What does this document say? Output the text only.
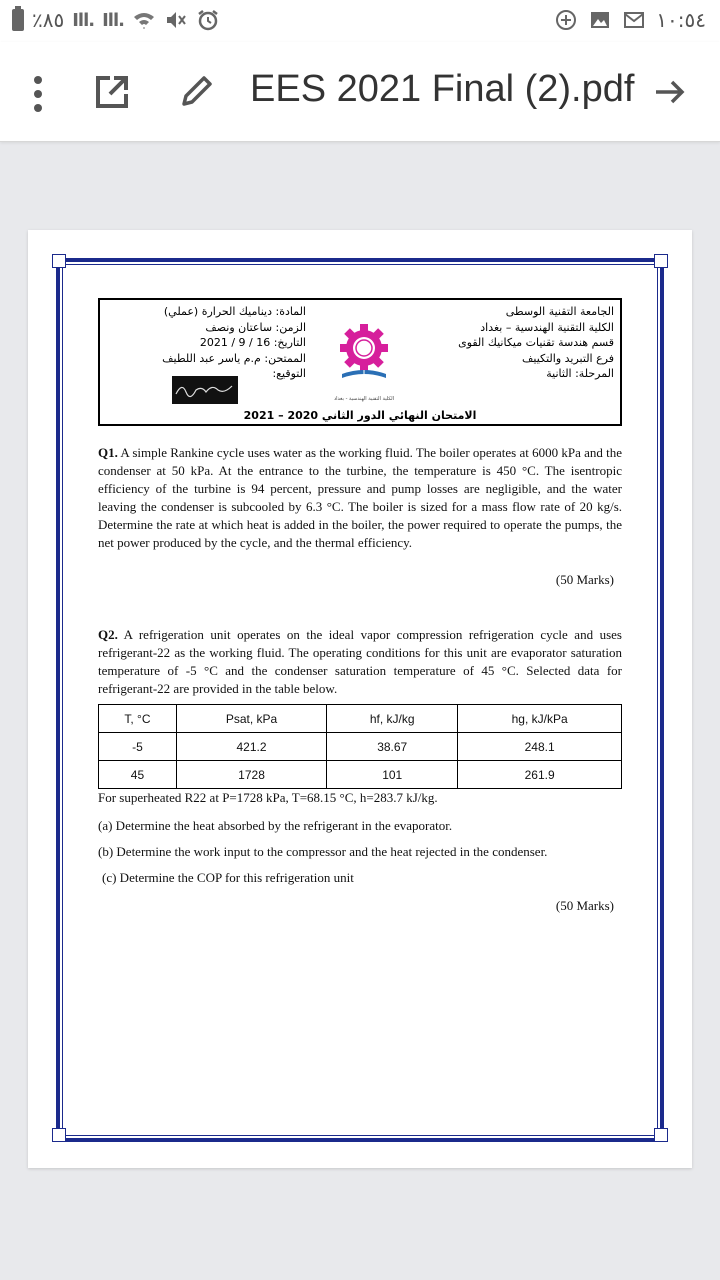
٪٨٥ Ill. Ill.	١٠:٥٤
EES 2021 Final (2).pdf
الجامعة التقنية الوسطى
الكلية التقنية الهندسية – بغداد
قسم هندسة تقنيات ميكانيك القوى
فرع التبريد والتكييف
المرحلة: الثانية
الكلية التقنية الهندسية - بغداد
المادة: ديناميك الحرارة (عملي)
الزمن: ساعتان ونصف
التاريخ: 16 / 9 / 2021
الممتحن: م.م ياسر عبد اللطيف
التوقيع:
الامتحان النهائي الدور الثاني 2020 – 2021
Q1. A simple Rankine cycle uses water as the working fluid. The boiler operates at 6000 kPa and the condenser at 50 kPa. At the entrance to the turbine, the temperature is 450 °C. The isentropic efficiency of the turbine is 94 percent, pressure and pump losses are negligible, and the water leaving the condenser is subcooled by 6.3 °C. The boiler is sized for a mass flow rate of 20 kg/s. Determine the rate at which heat is added in the boiler, the power required to operate the pumps, the net power produced by the cycle, and the thermal efficiency.
(50 Marks)
Q2. A refrigeration unit operates on the ideal vapor compression refrigeration cycle and uses refrigerant-22 as the working fluid. The operating conditions for this unit are evaporator saturation temperature of -5 °C and the condenser saturation temperature of 45 °C. Selected data for refrigerant-22 are provided in the table below.
T, °C	Psat, kPa	hf, kJ/kg	hg, kJ/kPa
-5	421.2	38.67	248.1
45	1728	101	261.9
For superheated R22 at P=1728 kPa, T=68.15 °C, h=283.7 kJ/kg.
(a) Determine the heat absorbed by the refrigerant in the evaporator.
(b) Determine the work input to the compressor and the heat rejected in the condenser.
(c) Determine the COP for this refrigeration unit
(50 Marks)
